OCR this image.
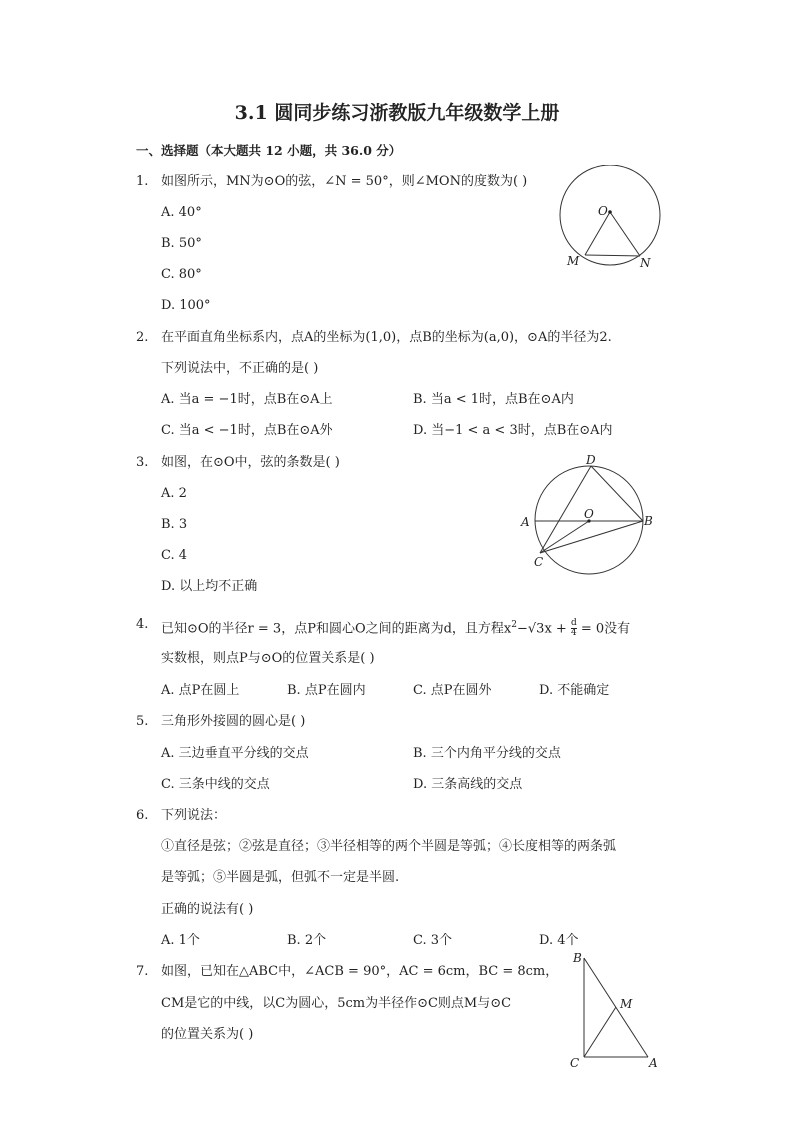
3.1 圆同步练习浙教版九年级数学上册
一、选择题（本大题共 12 小题，共 36.0 分）
1. 如图所示，MN为⊙O的弦，∠N = 50°，则∠MON的度数为( )
A. 40°
B. 50°
C. 80°
D. 100°
O
M	N
2. 在平面直角坐标系内，点A的坐标为(1,0)，点B的坐标为(a,0)，⊙A的半径为2.
下列说法中，不正确的是( )
A. 当a = −1时，点B在⊙A上	B. 当a < 1时，点B在⊙A内
C. 当a < −1时，点B在⊙A外	D. 当−1 < a < 3时，点B在⊙A内
3. 如图，在⊙O中，弦的条数是( )
A. 2
B. 3
C. 4
D. 以上均不正确
D
A	B
O
C
4. 已知⊙O的半径r = 3，点P和圆心O之间的距离为d，且方程$x^2-√3x + \frac{d}{4} = 0$没有
实数根，则点P与⊙O的位置关系是( )
A. 点P在圆上	B. 点P在圆内	C. 点P在圆外	D. 不能确定
5. 三角形外接圆的圆心是( )
A. 三边垂直平分线的交点	B. 三个内角平分线的交点
C. 三条中线的交点	D. 三条高线的交点
6. 下列说法：
①直径是弦；②弦是直径；③半径相等的两个半圆是等弧；④长度相等的两条弧
是等弧；⑤半圆是弧，但弧不一定是半圆.
正确的说法有( )
A. 1个	B. 2个	C. 3个	D. 4个
7. 如图，已知在△ABC中，∠ACB = 90°，AC = 6cm，BC = 8cm，
CM是它的中线，以C为圆心，5cm为半径作⊙C则点M与⊙C
的位置关系为( )
B
M
C	A
